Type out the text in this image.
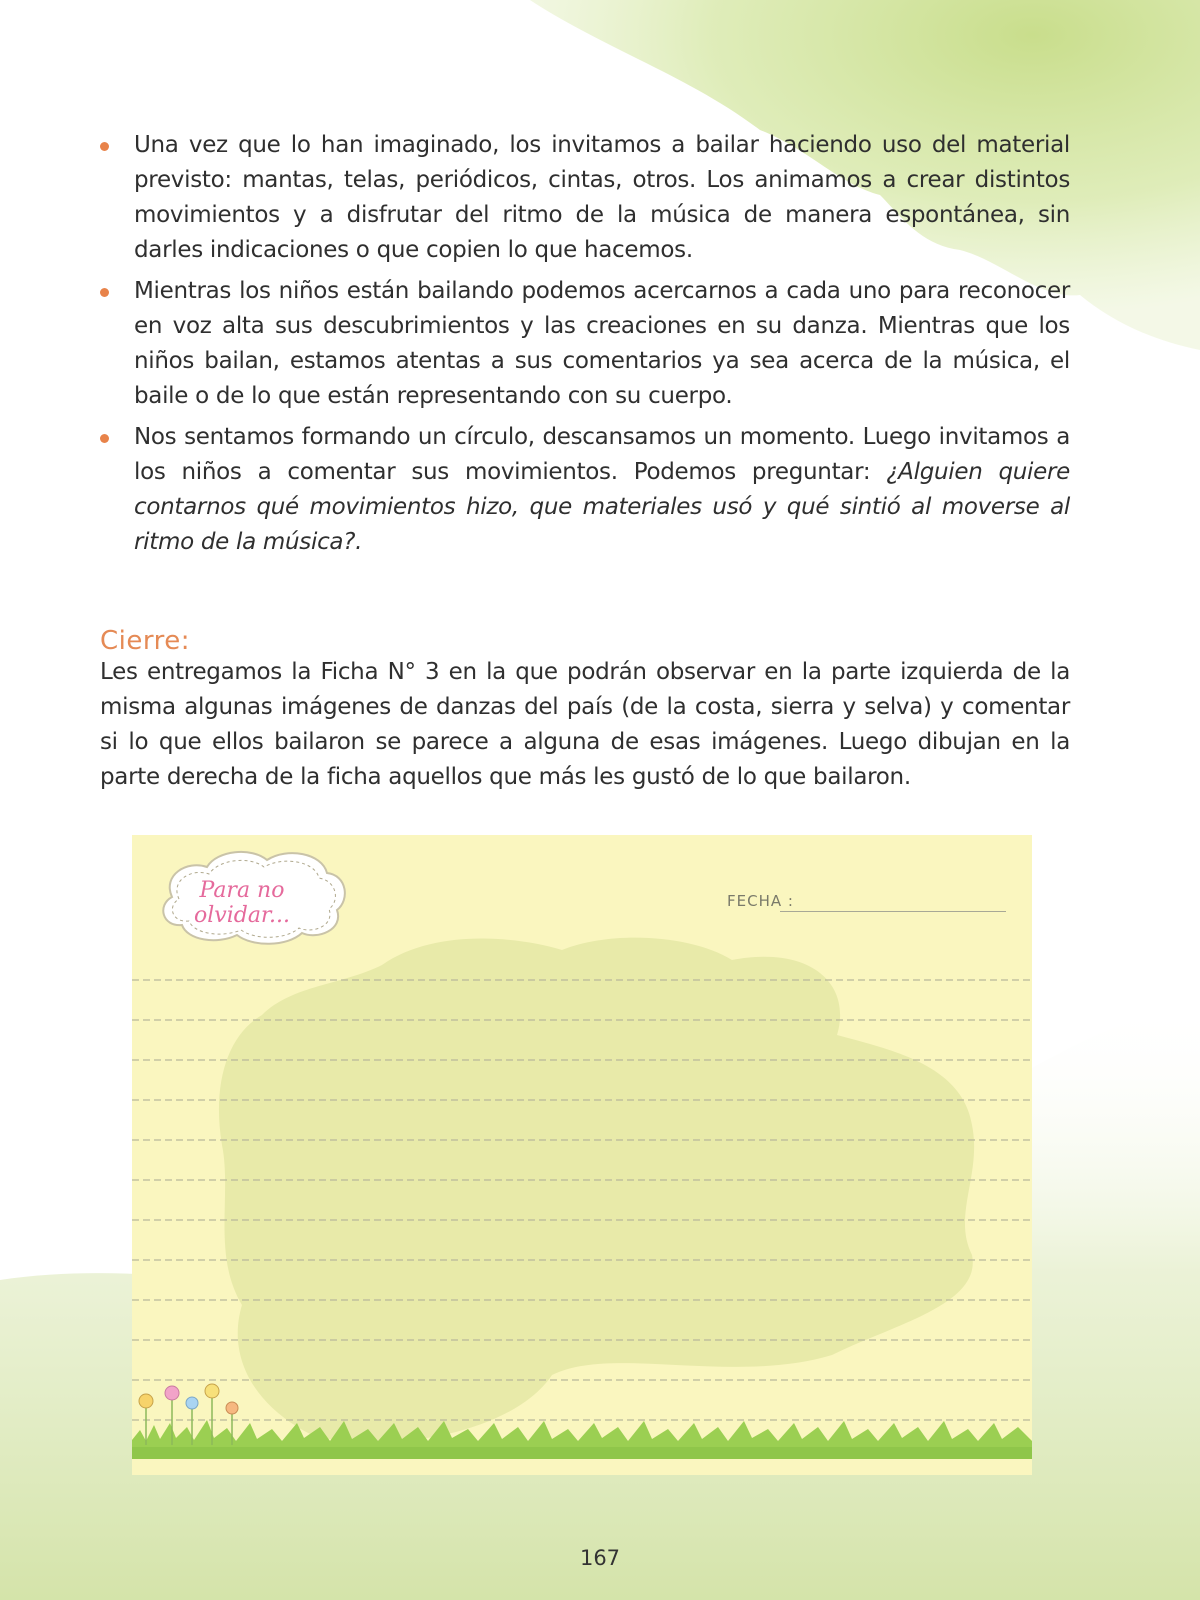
Una vez que lo han imaginado, los invitamos a bailar haciendo uso del material previsto: mantas, telas, periódicos, cintas, otros. Los animamos a crear distintos movimientos y a disfrutar del ritmo de la música de manera espontánea, sin darles indicaciones o que copien lo que hacemos.
Mientras los niños están bailando podemos acercarnos a cada uno para reconocer en voz alta sus descubrimientos y las creaciones en su danza. Mientras que los niños bailan, estamos atentas a sus comentarios ya sea acerca de la música, el baile o de lo que están representando con su cuerpo.
Nos sentamos formando un círculo, descansamos un momento. Luego invitamos a los niños a comentar sus movimientos. Podemos preguntar: ¿Alguien quiere contarnos qué movimientos hizo, que materiales usó y qué sintió al moverse al ritmo de la música?.
Cierre:

Les entregamos la Ficha N° 3 en la que podrán observar en la parte izquierda de la misma algunas imágenes de danzas del país (de la costa, sierra y selva) y comentar si lo que ellos bailaron se parece a alguna de esas imágenes. Luego dibujan en la parte derecha de la ficha aquellos que más les gustó de lo que bailaron.

Para no olvidar...
FECHA :
167
